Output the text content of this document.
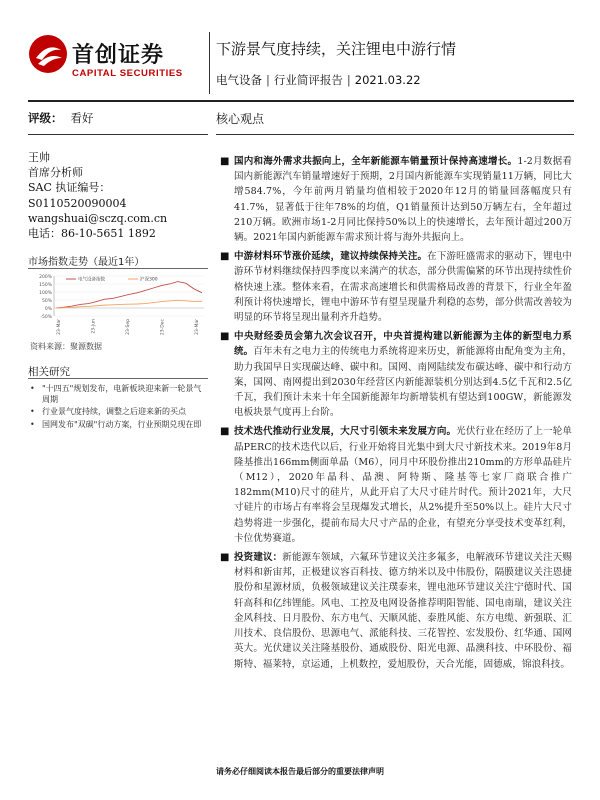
首创证券
CAPITAL SECURITIES
下游景气度持续，关注锂电中游行情
电气设备 | 行业简评报告 | 2021.03.22
评级： 看好
王帅
首席分析师
SAC 执证编号：
S0110520090004
wangshuai@sczq.com.cn
电话：86-10-5651 1892
市场指数走势（最近1年）
200%
150%
100%
50%
0%
-50%
23-Mar	23-Jun	23-Sep	23-Dec	23-Mar
电气设备指数	沪深300
资料来源：聚源数据
相关研究
• "十四五"规划发布，电新板块迎来新一轮景气周期
• 行业景气度持续，调整之后迎来新的买点
• 国网发布"双碳"行动方案，行业预期兑现在即
核心观点
■ 国内和海外需求共振向上，全年新能源车销量预计保持高速增长。1-2月数据看国内新能源汽车销量增速好于预期，2月国内新能源车实现销量11万辆，同比大增584.7%，今年前两月销量均值相较于2020年12月的销量回落幅度只有41.7%，显著低于往年78%的均值，Q1销量预计达到50万辆左右，全年超过210万辆。欧洲市场1-2月同比保持50%以上的快速增长，去年预计超过200万辆。2021年国内新能源车需求预计将与海外共振向上。
■ 中游材料环节涨价延续，建议持续保持关注。在下游旺盛需求的驱动下，锂电中游环节材料继续保持四季度以来满产的状态，部分供需偏紧的环节出现持续性价格快速上涨。整体来看，在需求高速增长和供需格局改善的背景下，行业全年盈利预计将快速增长，锂电中游环节有望呈现量升利稳的态势，部分供需改善较为明显的环节将呈现出量利齐升趋势。
■ 中央财经委员会第九次会议召开，中央首提构建以新能源为主体的新型电力系统。百年未有之电力主的传统电力系统将迎来历史，新能源将由配角变为主角，助力我国早日实现碳达峰、碳中和。国网、南网陆续发布碳达峰、碳中和行动方案，国网、南网提出到2030年经营区内新能源装机分别达到4.5亿千瓦和2.5亿千瓦，我们预计未来十年全国新能源年均新增装机有望达到100GW，新能源发电板块景气度再上台阶。
■ 技术迭代推动行业发展，大尺寸引领未来发展方向。光伏行业在经历了上一轮单晶PERC的技术迭代以后，行业开始将目光集中到大尺寸新技术来。2019年8月隆基推出166mm侧面单晶（M6），同月中环股份推出210mm的方形单晶硅片（M12），2020年晶科、晶澳、阿特斯、隆基等七家厂商联合推广182mm(M10)尺寸的硅片，从此开启了大尺寸硅片时代。预计2021年，大尺寸硅片的市场占有率将会呈现爆发式增长，从2%提升至50%以上。硅片大尺寸趋势将进一步强化，提前布局大尺寸产品的企业，有望充分享受技术变革红利，卡位优势赛道。
■ 投资建议：新能源车领域，六氟环节建议关注多氟多，电解液环节建议关注天赐材料和新宙邦，正极建议容百科技、德方纳米以及中伟股份，隔膜建议关注恩捷股份和星源材质，负极领域建议关注璞泰来，锂电池环节建议关注宁德时代、国轩高科和亿纬锂能。风电、工控及电网设备推荐明阳智能、国电南瑞，建议关注金风科技、日月股份、东方电气、天顺风能、泰胜风能、东方电缆、新强联、汇川技术、良信股份、思源电气、派能科技、三花智控、宏发股份、红华通、国网英大。光伏建议关注隆基股份、通威股份、阳光电源、晶澳科技、中环股份、福斯特、福莱特，京运通，上机数控，爱旭股份，天合光能，固德威，锦浪科技。
请务必仔细阅读本报告最后部分的重要法律声明
